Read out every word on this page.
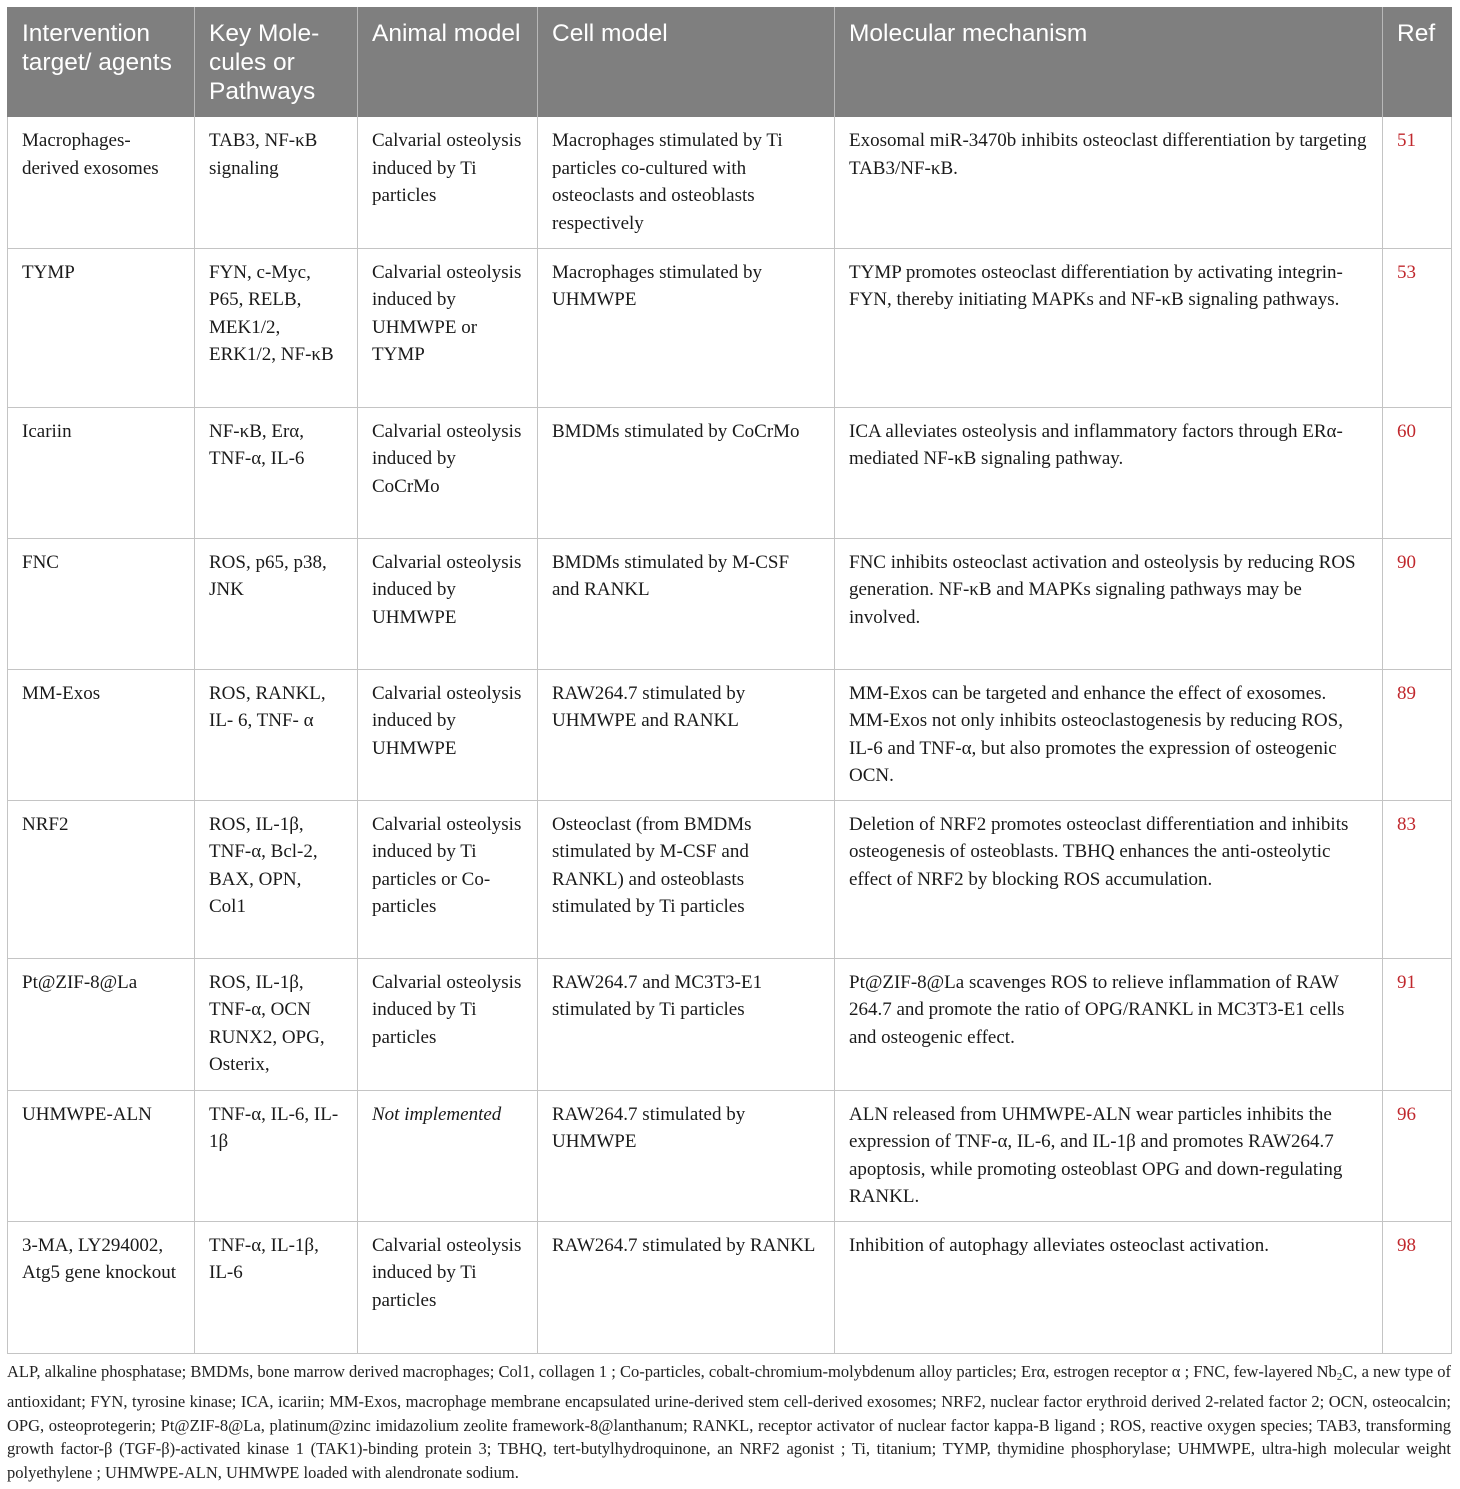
Intervention target/ agents	Key Mole-cules or Pathways	Animal model	Cell model	Molecular mechanism	Ref
Macrophages-derived exosomes	TAB3, NF-κB signaling	Calvarial osteolysis induced by Ti particles	Macrophages stimulated by Ti particles co-cultured with osteoclasts and osteoblasts respectively	Exosomal miR-3470b inhibits osteoclast differentiation by targeting TAB3/NF-κB.	51
TYMP	FYN, c-Myc, P65, RELB, MEK1/2, ERK1/2, NF-κB	Calvarial osteolysis induced by UHMWPE or TYMP	Macrophages stimulated by UHMWPE	TYMP promotes osteoclast differentiation by activating integrin-FYN, thereby initiating MAPKs and NF-κB signaling pathways.	53
Icariin	NF-κB, Erα, TNF-α, IL-6	Calvarial osteolysis induced by CoCrMo	BMDMs stimulated by CoCrMo	ICA alleviates osteolysis and inflammatory factors through ERα-mediated NF-κB signaling pathway.	60
FNC	ROS, p65, p38, JNK	Calvarial osteolysis induced by UHMWPE	BMDMs stimulated by M-CSF and RANKL	FNC inhibits osteoclast activation and osteolysis by reducing ROS generation. NF-κB and MAPKs signaling pathways may be involved.	90
MM-Exos	ROS, RANKL, IL- 6, TNF- α	Calvarial osteolysis induced by UHMWPE	RAW264.7 stimulated by UHMWPE and RANKL	MM-Exos can be targeted and enhance the effect of exosomes. MM-Exos not only inhibits osteoclastogenesis by reducing ROS, IL-6 and TNF-α, but also promotes the expression of osteogenic OCN.	89
NRF2	ROS, IL-1β, TNF-α, Bcl-2, BAX, OPN, Col1	Calvarial osteolysis induced by Ti particles or Co-particles	Osteoclast (from BMDMs stimulated by M-CSF and RANKL) and osteoblasts stimulated by Ti particles	Deletion of NRF2 promotes osteoclast differentiation and inhibits osteogenesis of osteoblasts. TBHQ enhances the anti-osteolytic effect of NRF2 by blocking ROS accumulation.	83
Pt@ZIF-8@La	ROS, IL-1β, TNF-α, OCN RUNX2, OPG, Osterix,	Calvarial osteolysis induced by Ti particles	RAW264.7 and MC3T3-E1 stimulated by Ti particles	Pt@ZIF-8@La scavenges ROS to relieve inflammation of RAW 264.7 and promote the ratio of OPG/RANKL in MC3T3-E1 cells and osteogenic effect.	91
UHMWPE-ALN	TNF-α, IL-6, IL-1β	Not implemented	RAW264.7 stimulated by UHMWPE	ALN released from UHMWPE-ALN wear particles inhibits the expression of TNF-α, IL-6, and IL-1β and promotes RAW264.7 apoptosis, while promoting osteoblast OPG and down-regulating RANKL.	96
3-MA, LY294002, Atg5 gene knockout	TNF-α, IL-1β, IL-6	Calvarial osteolysis induced by Ti particles	RAW264.7 stimulated by RANKL	Inhibition of autophagy alleviates osteoclast activation.	98
ALP, alkaline phosphatase; BMDMs, bone marrow derived macrophages; Col1, collagen 1 ; Co-particles, cobalt-chromium-molybdenum alloy particles; Erα, estrogen receptor α ; FNC, few-layered $Nb_2C$, a new type of antioxidant; FYN, tyrosine kinase; ICA, icariin; MM-Exos, macrophage membrane encapsulated urine-derived stem cell-derived exosomes; NRF2, nuclear factor erythroid derived 2-related factor 2; OCN, osteocalcin; OPG, osteoprotegerin; Pt@ZIF-8@La, platinum@zinc imidazolium zeolite framework-8@lanthanum; RANKL, receptor activator of nuclear factor kappa-B ligand ; ROS, reactive oxygen species; TAB3, transforming growth factor-β (TGF-β)-activated kinase 1 (TAK1)-binding protein 3; TBHQ, tert-butylhydroquinone, an NRF2 agonist ; Ti, titanium; TYMP, thymidine phosphorylase; UHMWPE, ultra-high molecular weight polyethylene ; UHMWPE-ALN, UHMWPE loaded with alendronate sodium.
